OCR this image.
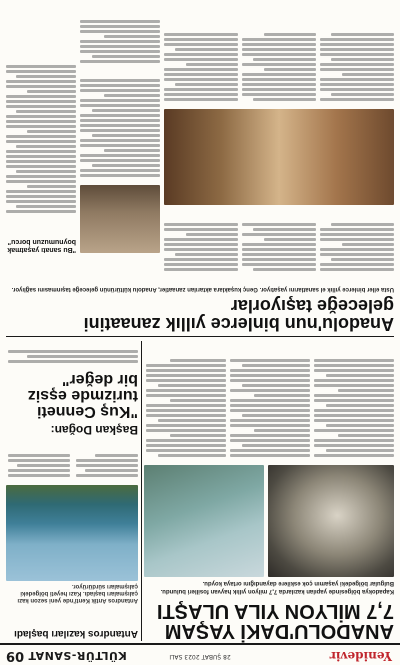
Yenidevir
28 ŞUBAT 2023 SALI
KÜLTÜR-SANAT
09
ANADOLU'DAKİ YAŞAM 7,7 MİLYON YILA ULAŞTI
Kapadokya bölgesinde yapılan kazılarda 7,7 milyon yıllık hayvan fosilleri bulundu. Bulgular bölgedeki yaşamın çok eskilere dayandığını ortaya koydu.
Antandros kazıları başladı
Antandros Antik Kenti'nde yeni sezon kazı çalışmaları başladı. Kazı heyeti bölgedeki çalışmaları sürdürüyor.
Başkan Doğan:
"Kuş Cenneti turizmde eşsiz bir değer"
Anadolu'nun binlerce yıllık zanaatini geleceğe taşıyorlar
Usta eller binlerce yıllık el sanatlarını yaşatıyor. Genç kuşaklara aktarılan zanaatler, Anadolu kültürünün geleceğe taşınmasını sağlıyor.
"Bu sanatı yaşatmak boynumuzun borcu"
